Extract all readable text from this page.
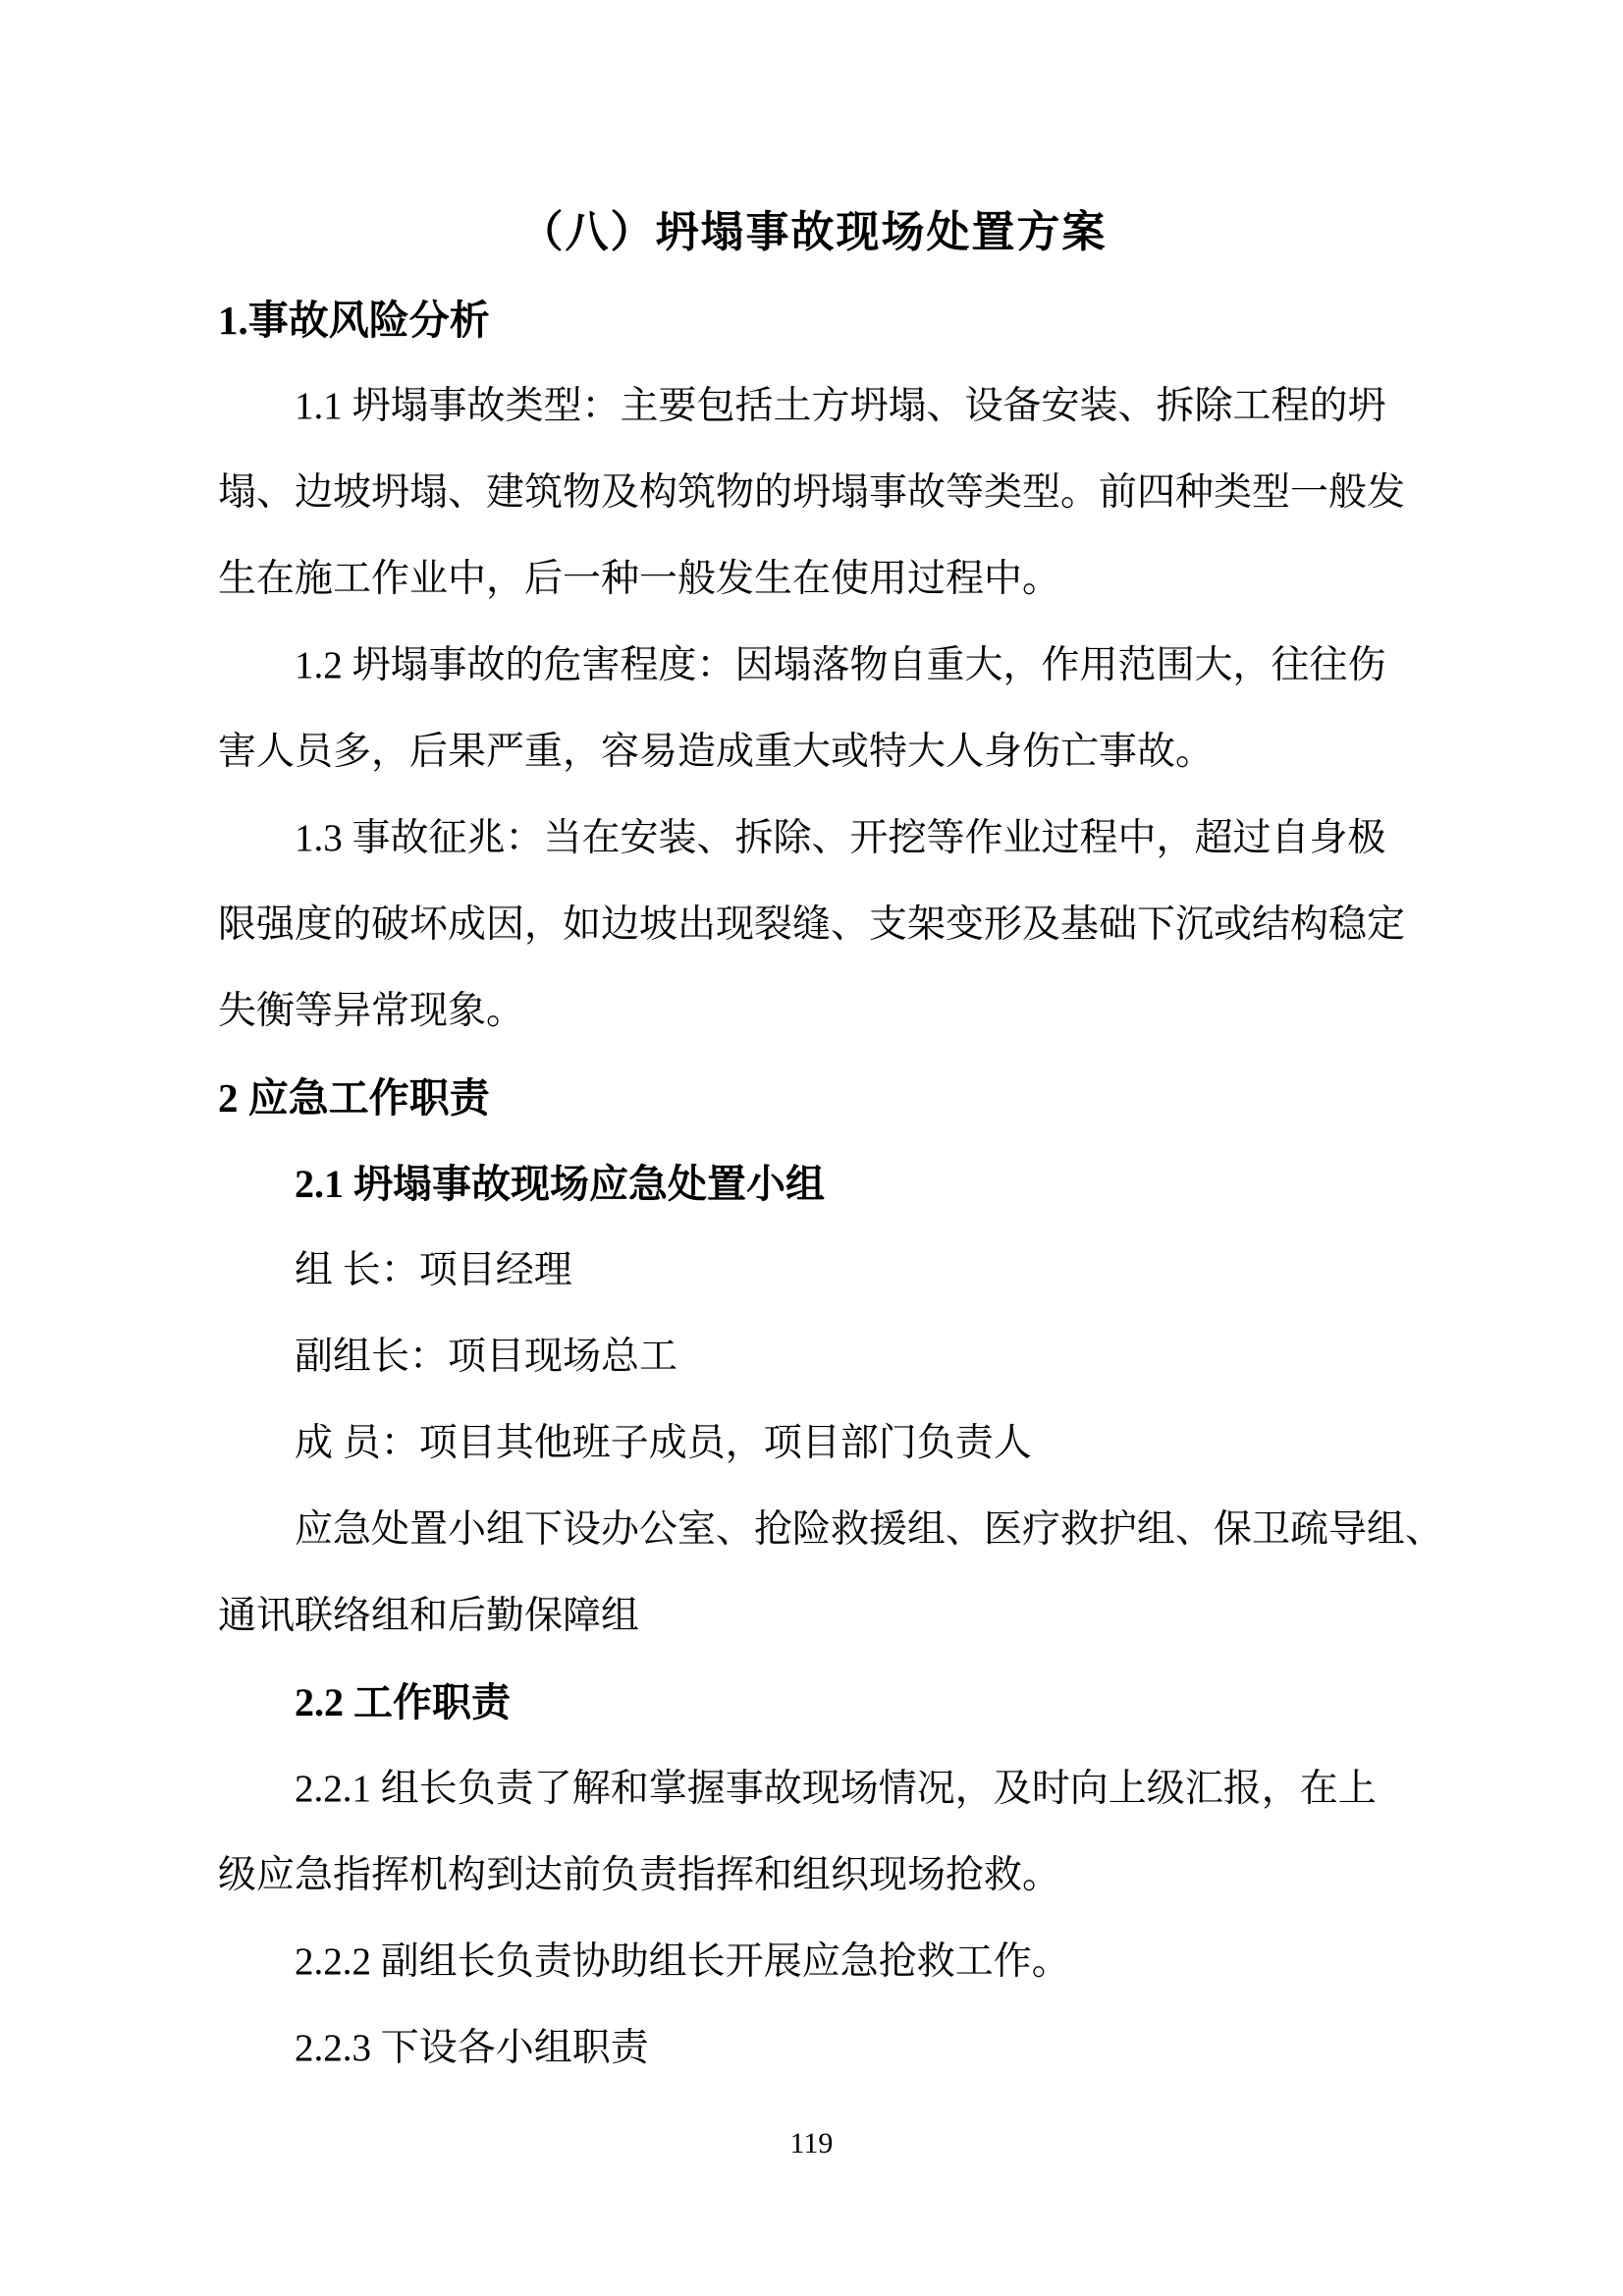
（八）坍塌事故现场处置方案
1.事故风险分析
1.1 坍塌事故类型：主要包括土方坍塌、设备安装、拆除工程的坍
塌、边坡坍塌、建筑物及构筑物的坍塌事故等类型。前四种类型一般发
生在施工作业中，后一种一般发生在使用过程中。
1.2 坍塌事故的危害程度：因塌落物自重大，作用范围大，往往伤
害人员多，后果严重，容易造成重大或特大人身伤亡事故。
1.3 事故征兆：当在安装、拆除、开挖等作业过程中，超过自身极
限强度的破坏成因，如边坡出现裂缝、支架变形及基础下沉或结构稳定
失衡等异常现象。
2 应急工作职责
2.1 坍塌事故现场应急处置小组
组 长：项目经理
副组长：项目现场总工
成 员：项目其他班子成员，项目部门负责人
应急处置小组下设办公室、抢险救援组、医疗救护组、保卫疏导组、
通讯联络组和后勤保障组
2.2 工作职责
2.2.1 组长负责了解和掌握事故现场情况，及时向上级汇报，在上
级应急指挥机构到达前负责指挥和组织现场抢救。
2.2.2 副组长负责协助组长开展应急抢救工作。
2.2.3 下设各小组职责
119
